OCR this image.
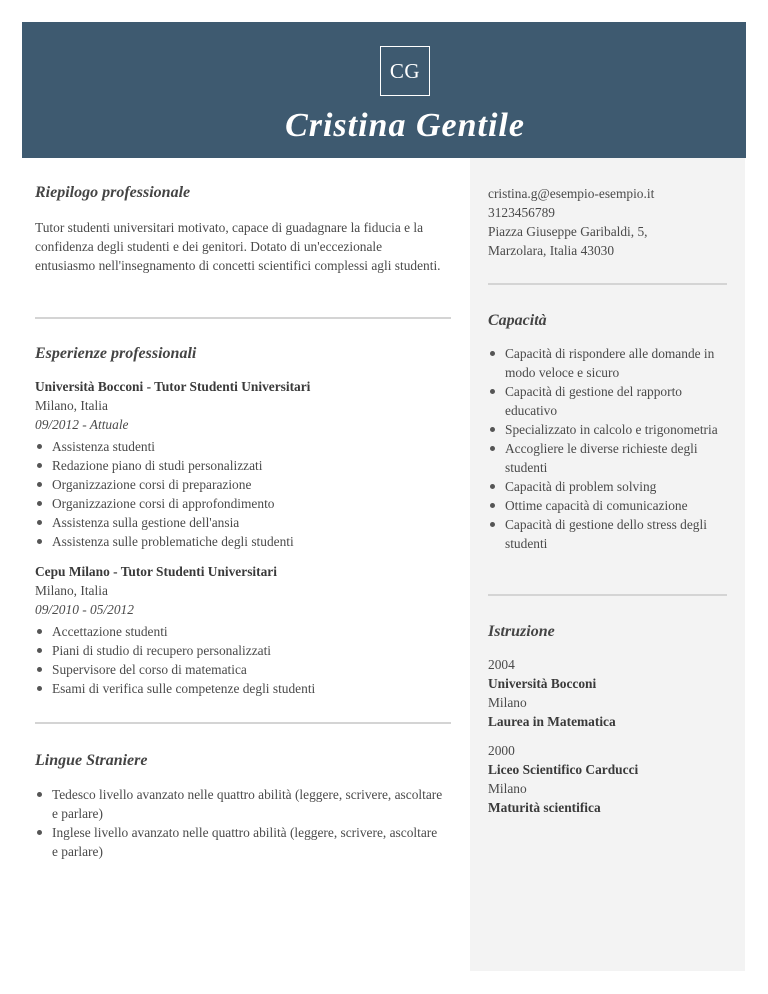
CG
Cristina Gentile
Riepilogo professionale
Tutor studenti universitari motivato, capace di guadagnare la fiducia e la confidenza degli studenti e dei genitori. Dotato di un'eccezionale entusiasmo nell'insegnamento di concetti scientifici complessi agli studenti.
Esperienze professionali
Università Bocconi - Tutor Studenti Universitari
Milano, Italia
09/2012 - Attuale
Assistenza studenti
Redazione piano di studi personalizzati
Organizzazione corsi di preparazione
Organizzazione corsi di approfondimento
Assistenza sulla gestione dell'ansia
Assistenza sulle problematiche degli studenti
Cepu Milano - Tutor Studenti Universitari
Milano, Italia
09/2010 - 05/2012
Accettazione studenti
Piani di studio di recupero personalizzati
Supervisore del corso di matematica
Esami di verifica sulle competenze degli studenti
Lingue Straniere
Tedesco livello avanzato nelle quattro abilità (leggere, scrivere, ascoltare e parlare)
Inglese livello avanzato nelle quattro abilità (leggere, scrivere, ascoltare e parlare)
cristina.g@esempio-esempio.it
3123456789
Piazza Giuseppe Garibaldi, 5,
Marzolara, Italia 43030
Capacità
Capacità di rispondere alle domande in modo veloce e sicuro
Capacità di gestione del rapporto educativo
Specializzato in calcolo e trigonometria
Accogliere le diverse richieste degli studenti
Capacità di problem solving
Ottime capacità di comunicazione
Capacità di gestione dello stress degli studenti
Istruzione
2004
Università Bocconi
Milano
Laurea in Matematica
2000
Liceo Scientifico Carducci
Milano
Maturità scientifica
